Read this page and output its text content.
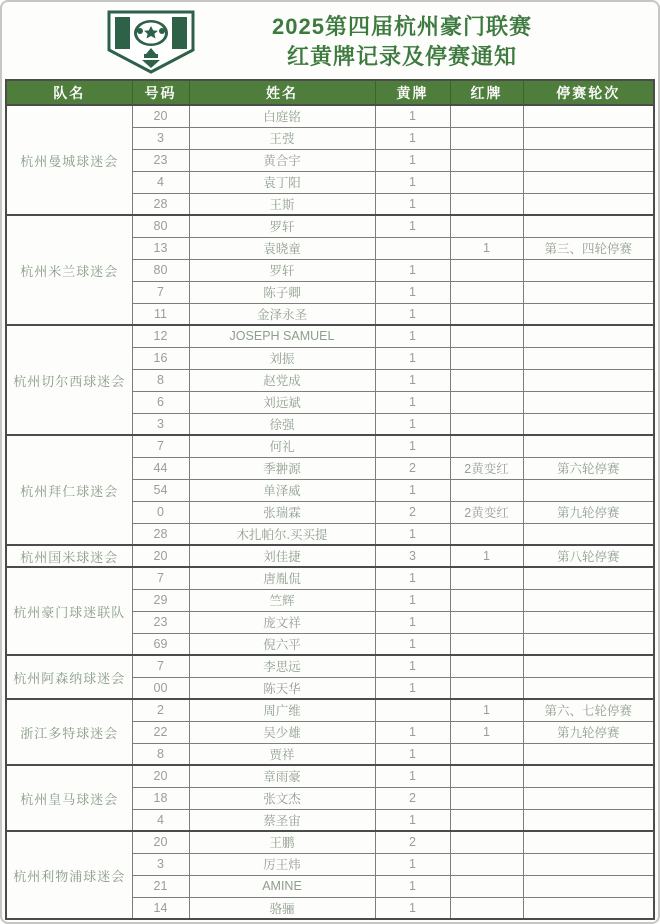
2025第四届杭州豪门联赛
红黄牌记录及停赛通知
队名	号码	姓名	黄牌	红牌	停赛轮次
杭州曼城球迷会	20	白庭铭	1		
	3	王弢	1		
	23	黄合宇	1		
	4	袁丁阳	1		
	28	王斯	1		
杭州米兰球迷会	80	罗轩	1		
	13	袁晓童		1	第三、四轮停赛
	80	罗轩	1		
	7	陈子卿	1		
	11	金泽永圣	1		
杭州切尔西球迷会	12	JOSEPH SAMUEL	1		
	16	刘振	1		
	8	赵党成	1		
	6	刘远斌	1		
	3	徐强	1		
杭州拜仁球迷会	7	何礼	1		
	44	季翀源	2	2黄变红	第六轮停赛
	54	单泽威	1		
	0	张瑞霖	2	2黄变红	第九轮停赛
	28	木扎帕尔.买买提	1		
杭州国米球迷会	20	刘佳捷	3	1	第八轮停赛
杭州豪门球迷联队	7	唐胤侃	1		
	29	竺辉	1		
	23	庞文祥	1		
	69	倪六平	1		
杭州阿森纳球迷会	7	李思远	1		
	00	陈天华	1		
浙江多特球迷会	2	周广维		1	第六、七轮停赛
	22	吴少雄	1	1	第九轮停赛
	8	贾祥	1		
杭州皇马球迷会	20	章雨豪	1		
	18	张文杰	2		
	4	蔡圣宙	1		
杭州利物浦球迷会	20	王鹏	2		
	3	厉王炜	1		
	21	AMINE	1		
	14	骆骊	1		
